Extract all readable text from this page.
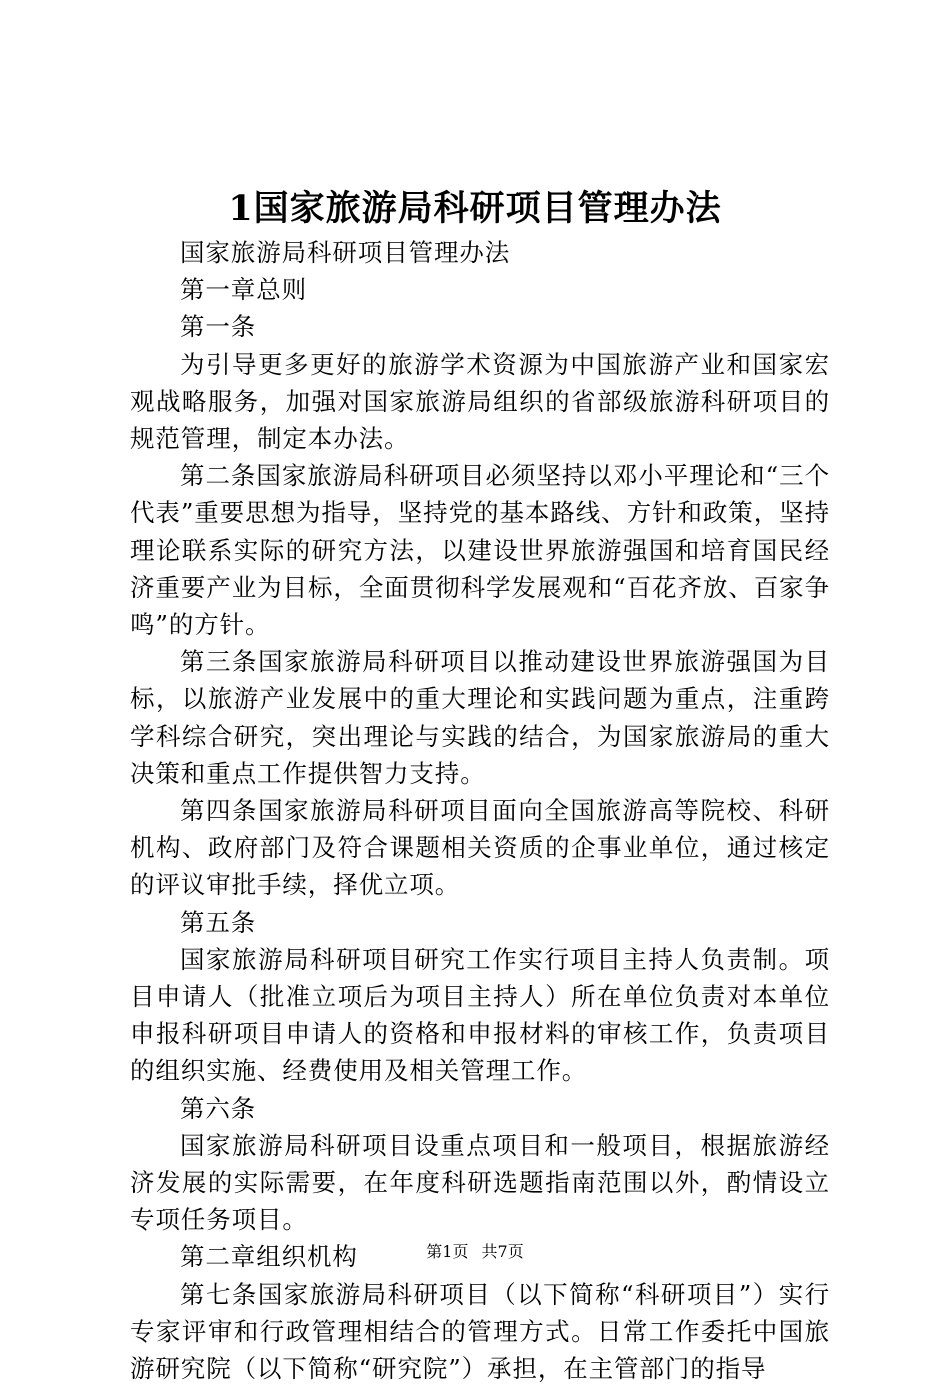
1国家旅游局科研项目管理办法

国家旅游局科研项目管理办法

第一章总则

第一条

为引导更多更好的旅游学术资源为中国旅游产业和国家宏观战略服务，加强对国家旅游局组织的省部级旅游科研项目的规范管理，制定本办法。

第二条国家旅游局科研项目必须坚持以邓小平理论和“三个代表”重要思想为指导，坚持党的基本路线、方针和政策，坚持理论联系实际的研究方法，以建设世界旅游强国和培育国民经济重要产业为目标，全面贯彻科学发展观和“百花齐放、百家争鸣”的方针。

第三条国家旅游局科研项目以推动建设世界旅游强国为目标，以旅游产业发展中的重大理论和实践问题为重点，注重跨学科综合研究，突出理论与实践的结合，为国家旅游局的重大决策和重点工作提供智力支持。

第四条国家旅游局科研项目面向全国旅游高等院校、科研机构、政府部门及符合课题相关资质的企事业单位，通过核定的评议审批手续，择优立项。

第五条

国家旅游局科研项目研究工作实行项目主持人负责制。项目申请人（批准立项后为项目主持人）所在单位负责对本单位申报科研项目申请人的资格和申报材料的审核工作，负责项目的组织实施、经费使用及相关管理工作。

第六条

国家旅游局科研项目设重点项目和一般项目，根据旅游经济发展的实际需要，在年度科研选题指南范围以外，酌情设立专项任务项目。

第二章组织机构

第七条国家旅游局科研项目（以下简称“科研项目”）实行专家评审和行政管理相结合的管理方式。日常工作委托中国旅游研究院（以下简称“研究院”）承担，在主管部门的指导

第1页 共7页
